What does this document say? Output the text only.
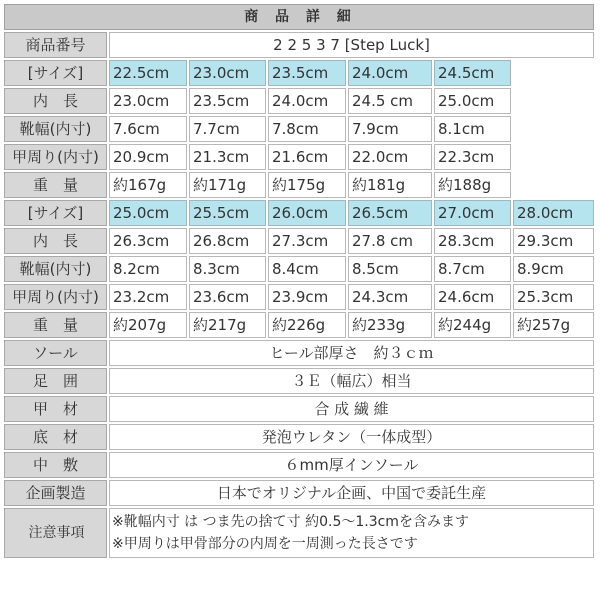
商 品 詳 細						
商品番号	2 2 5 3 7 [Step Luck]					
[サイズ]	22.5cm	23.0cm	23.5cm	24.0cm	24.5cm	
内　長	23.0cm	23.5cm	24.0cm	24.5 cm	25.0cm	
靴幅(内寸)	7.6cm	7.7cm	7.8cm	7.9cm	8.1cm	
甲周り(内寸)	20.9cm	21.3cm	21.6cm	22.0cm	22.3cm	
重　量	約167g	約171g	約175g	約181g	約188g	
[サイズ]	25.0cm	25.5cm	26.0cm	26.5cm	27.0cm	28.0cm
内　長	26.3cm	26.8cm	27.3cm	27.8 cm	28.3cm	29.3cm
靴幅(内寸)	8.2cm	8.3cm	8.4cm	8.5cm	8.7cm	8.9cm
甲周り(内寸)	23.2cm	23.6cm	23.9cm	24.3cm	24.6cm	25.3cm
重　量	約207g	約217g	約226g	約233g	約244g	約257g
ソール	ヒール部厚さ　約３ｃｍ					
足　囲	３Ｅ（幅広）相当					
甲　材	合 成 繊 維					
底　材	発泡ウレタン（一体成型）					
中　敷	６mm厚インソール					
企画製造	日本でオリジナル企画、中国で委託生産					
注意事項	※靴幅内寸 は つま先の捨て寸 約0.5～1.3cmを含みます
※甲周りは甲骨部分の内周を一周測った長さです					
